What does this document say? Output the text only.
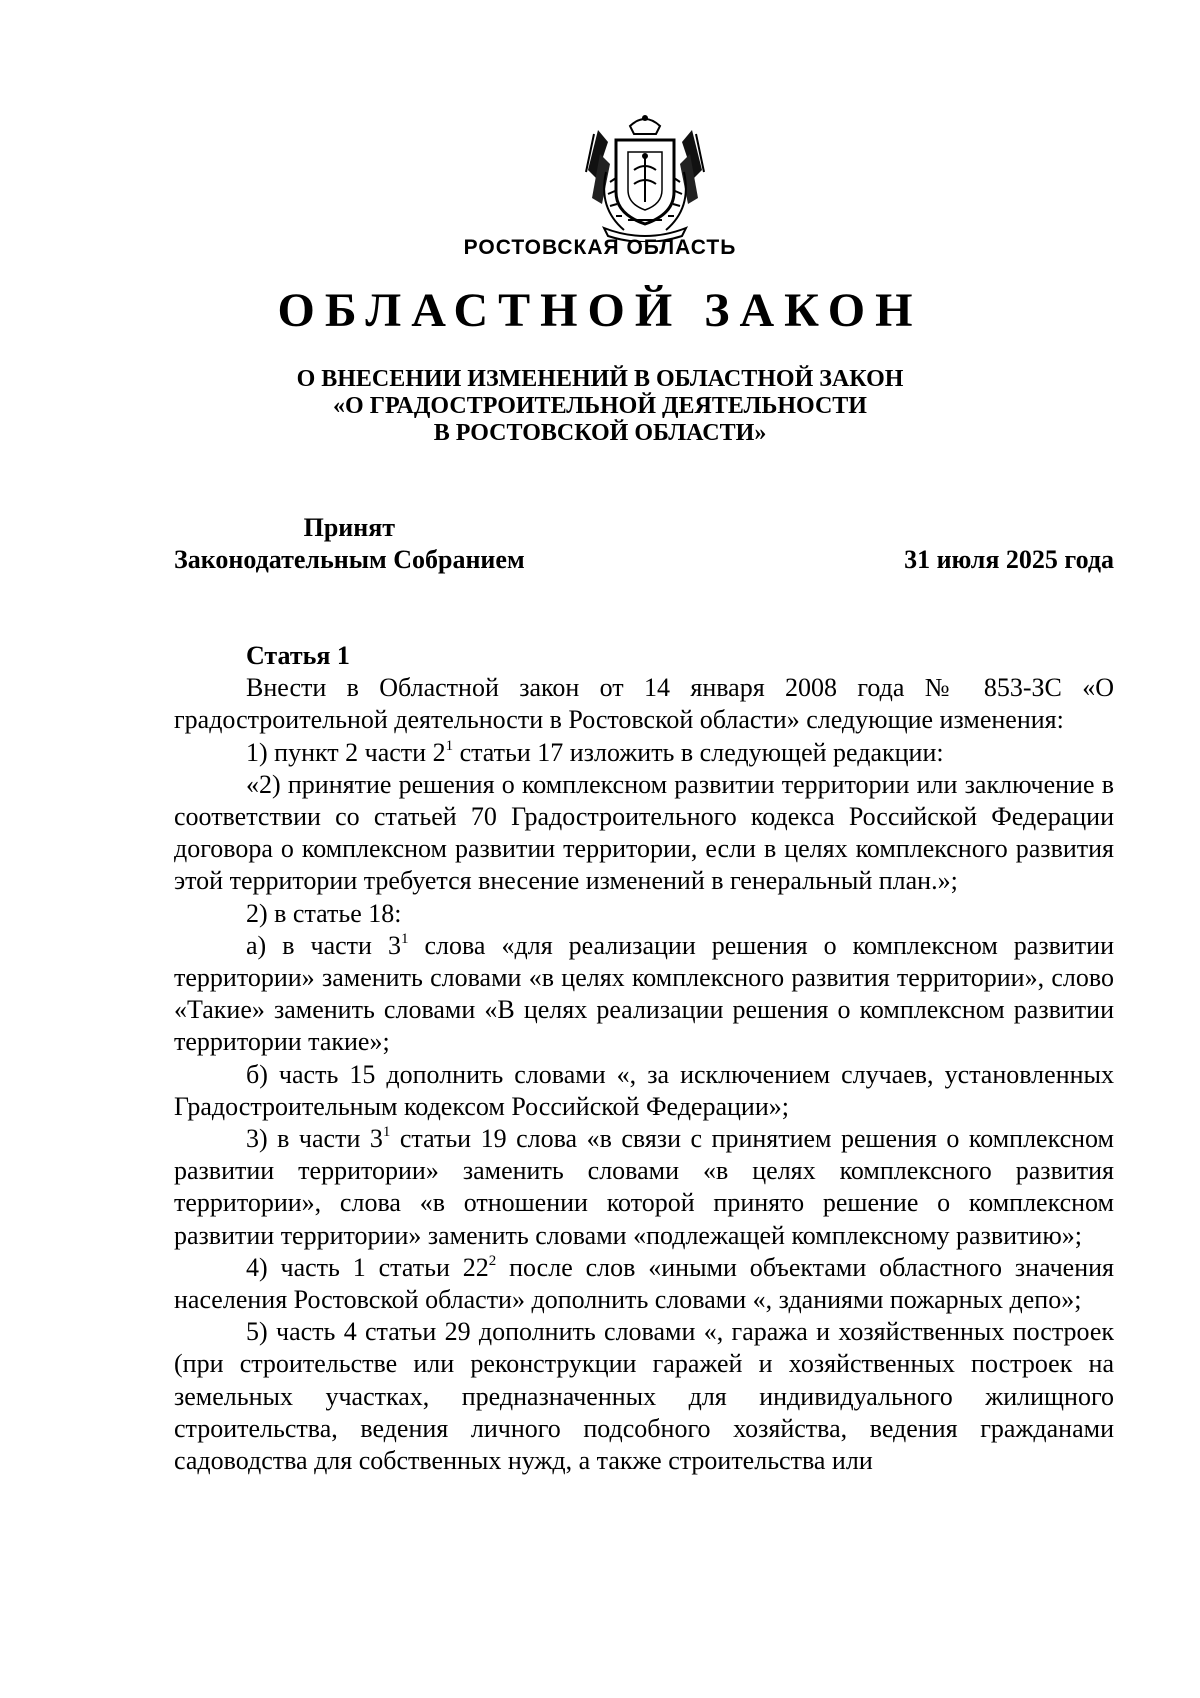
РОСТОВСКАЯ ОБЛАСТЬ
ОБЛАСТНОЙ ЗАКОН
О ВНЕСЕНИИ ИЗМЕНЕНИЙ В ОБЛАСТНОЙ ЗАКОН
«О ГРАДОСТРОИТЕЛЬНОЙ ДЕЯТЕЛЬНОСТИ
В РОСТОВСКОЙ ОБЛАСТИ»
Принят
Законодательным Собранием	31 июля 2025 года

Статья 1

Внести в Областной закон от 14 января 2008 года № 853-ЗС «О градостроительной деятельности в Ростовской области» следующие изменения:

1) пункт 2 части $2^1$ статьи 17 изложить в следующей редакции:

«2) принятие решения о комплексном развитии территории или заключение в соответствии со статьей 70 Градостроительного кодекса Российской Федерации договора о комплексном развитии территории, если в целях комплексного развития этой территории требуется внесение изменений в генеральный план.»;

2) в статье 18:

а) в части $3^1$ слова «для реализации решения о комплексном развитии территории» заменить словами «в целях комплексного развития территории», слово «Такие» заменить словами «В целях реализации решения о комплексном развитии территории такие»;

б) часть 15 дополнить словами «, за исключением случаев, установленных Градостроительным кодексом Российской Федерации»;

3) в части $3^1$ статьи 19 слова «в связи с принятием решения о комплексном развитии территории» заменить словами «в целях комплексного развития территории», слова «в отношении которой принято решение о комплексном развитии территории» заменить словами «подлежащей комплексному развитию»;

4) часть 1 статьи $22^2$ после слов «иными объектами областного значения населения Ростовской области» дополнить словами «, зданиями пожарных депо»;

5) часть 4 статьи 29 дополнить словами «, гаража и хозяйственных построек (при строительстве или реконструкции гаражей и хозяйственных построек на земельных участках, предназначенных для индивидуального жилищного строительства, ведения личного подсобного хозяйства, ведения гражданами садоводства для собственных нужд, а также строительства или
